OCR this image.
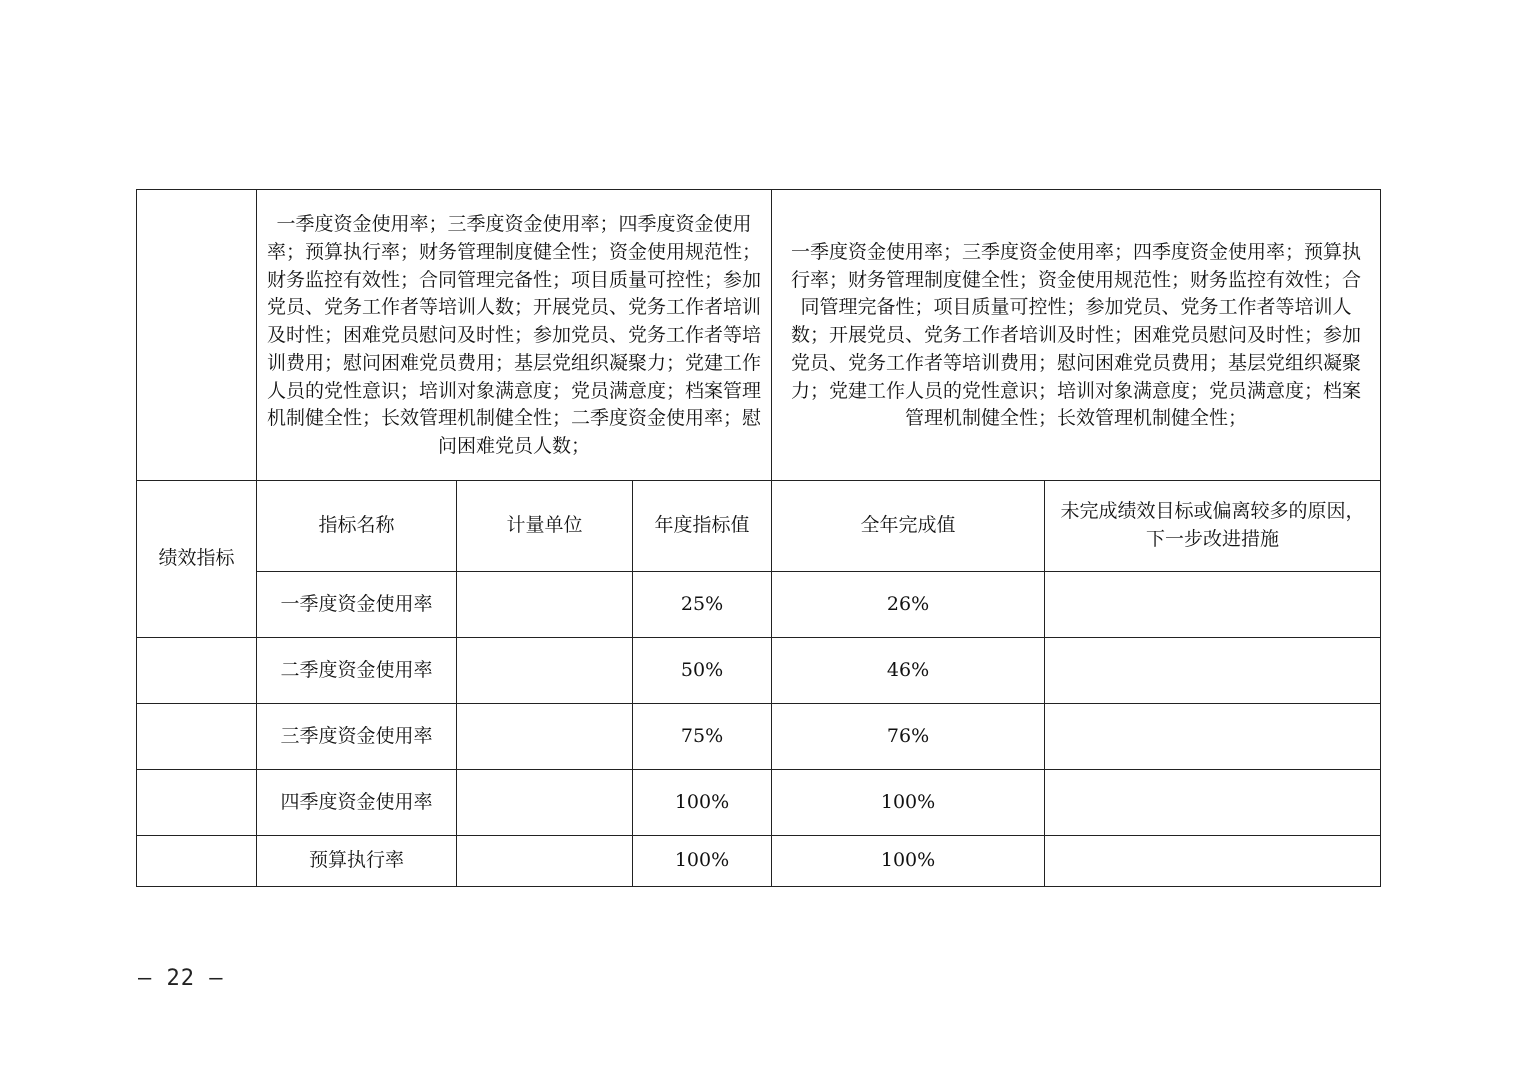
	一季度资金使用率；三季度资金使用率；四季度资金使用率；预算执行率；财务管理制度健全性；资金使用规范性；财务监控有效性；合同管理完备性；项目质量可控性；参加党员、党务工作者等培训人数；开展党员、党务工作者培训及时性；困难党员慰问及时性；参加党员、党务工作者等培训费用；慰问困难党员费用；基层党组织凝聚力；党建工作人员的党性意识；培训对象满意度；党员满意度；档案管理机制健全性；长效管理机制健全性；二季度资金使用率；慰问困难党员人数；			一季度资金使用率；三季度资金使用率；四季度资金使用率；预算执行率；财务管理制度健全性；资金使用规范性；财务监控有效性；合同管理完备性；项目质量可控性；参加党员、党务工作者等培训人数；开展党员、党务工作者培训及时性；困难党员慰问及时性；参加党员、党务工作者等培训费用；慰问困难党员费用；基层党组织凝聚力；党建工作人员的党性意识；培训对象满意度；党员满意度；档案管理机制健全性；长效管理机制健全性；	
绩效指标	指标名称	计量单位	年度指标值	全年完成值	未完成绩效目标或偏离较多的原因，下一步改进措施
	一季度资金使用率		25%	26%	
	二季度资金使用率		50%	46%	
	三季度资金使用率		75%	76%	
	四季度资金使用率		100%	100%	
	预算执行率		100%	100%	
— 22 —
